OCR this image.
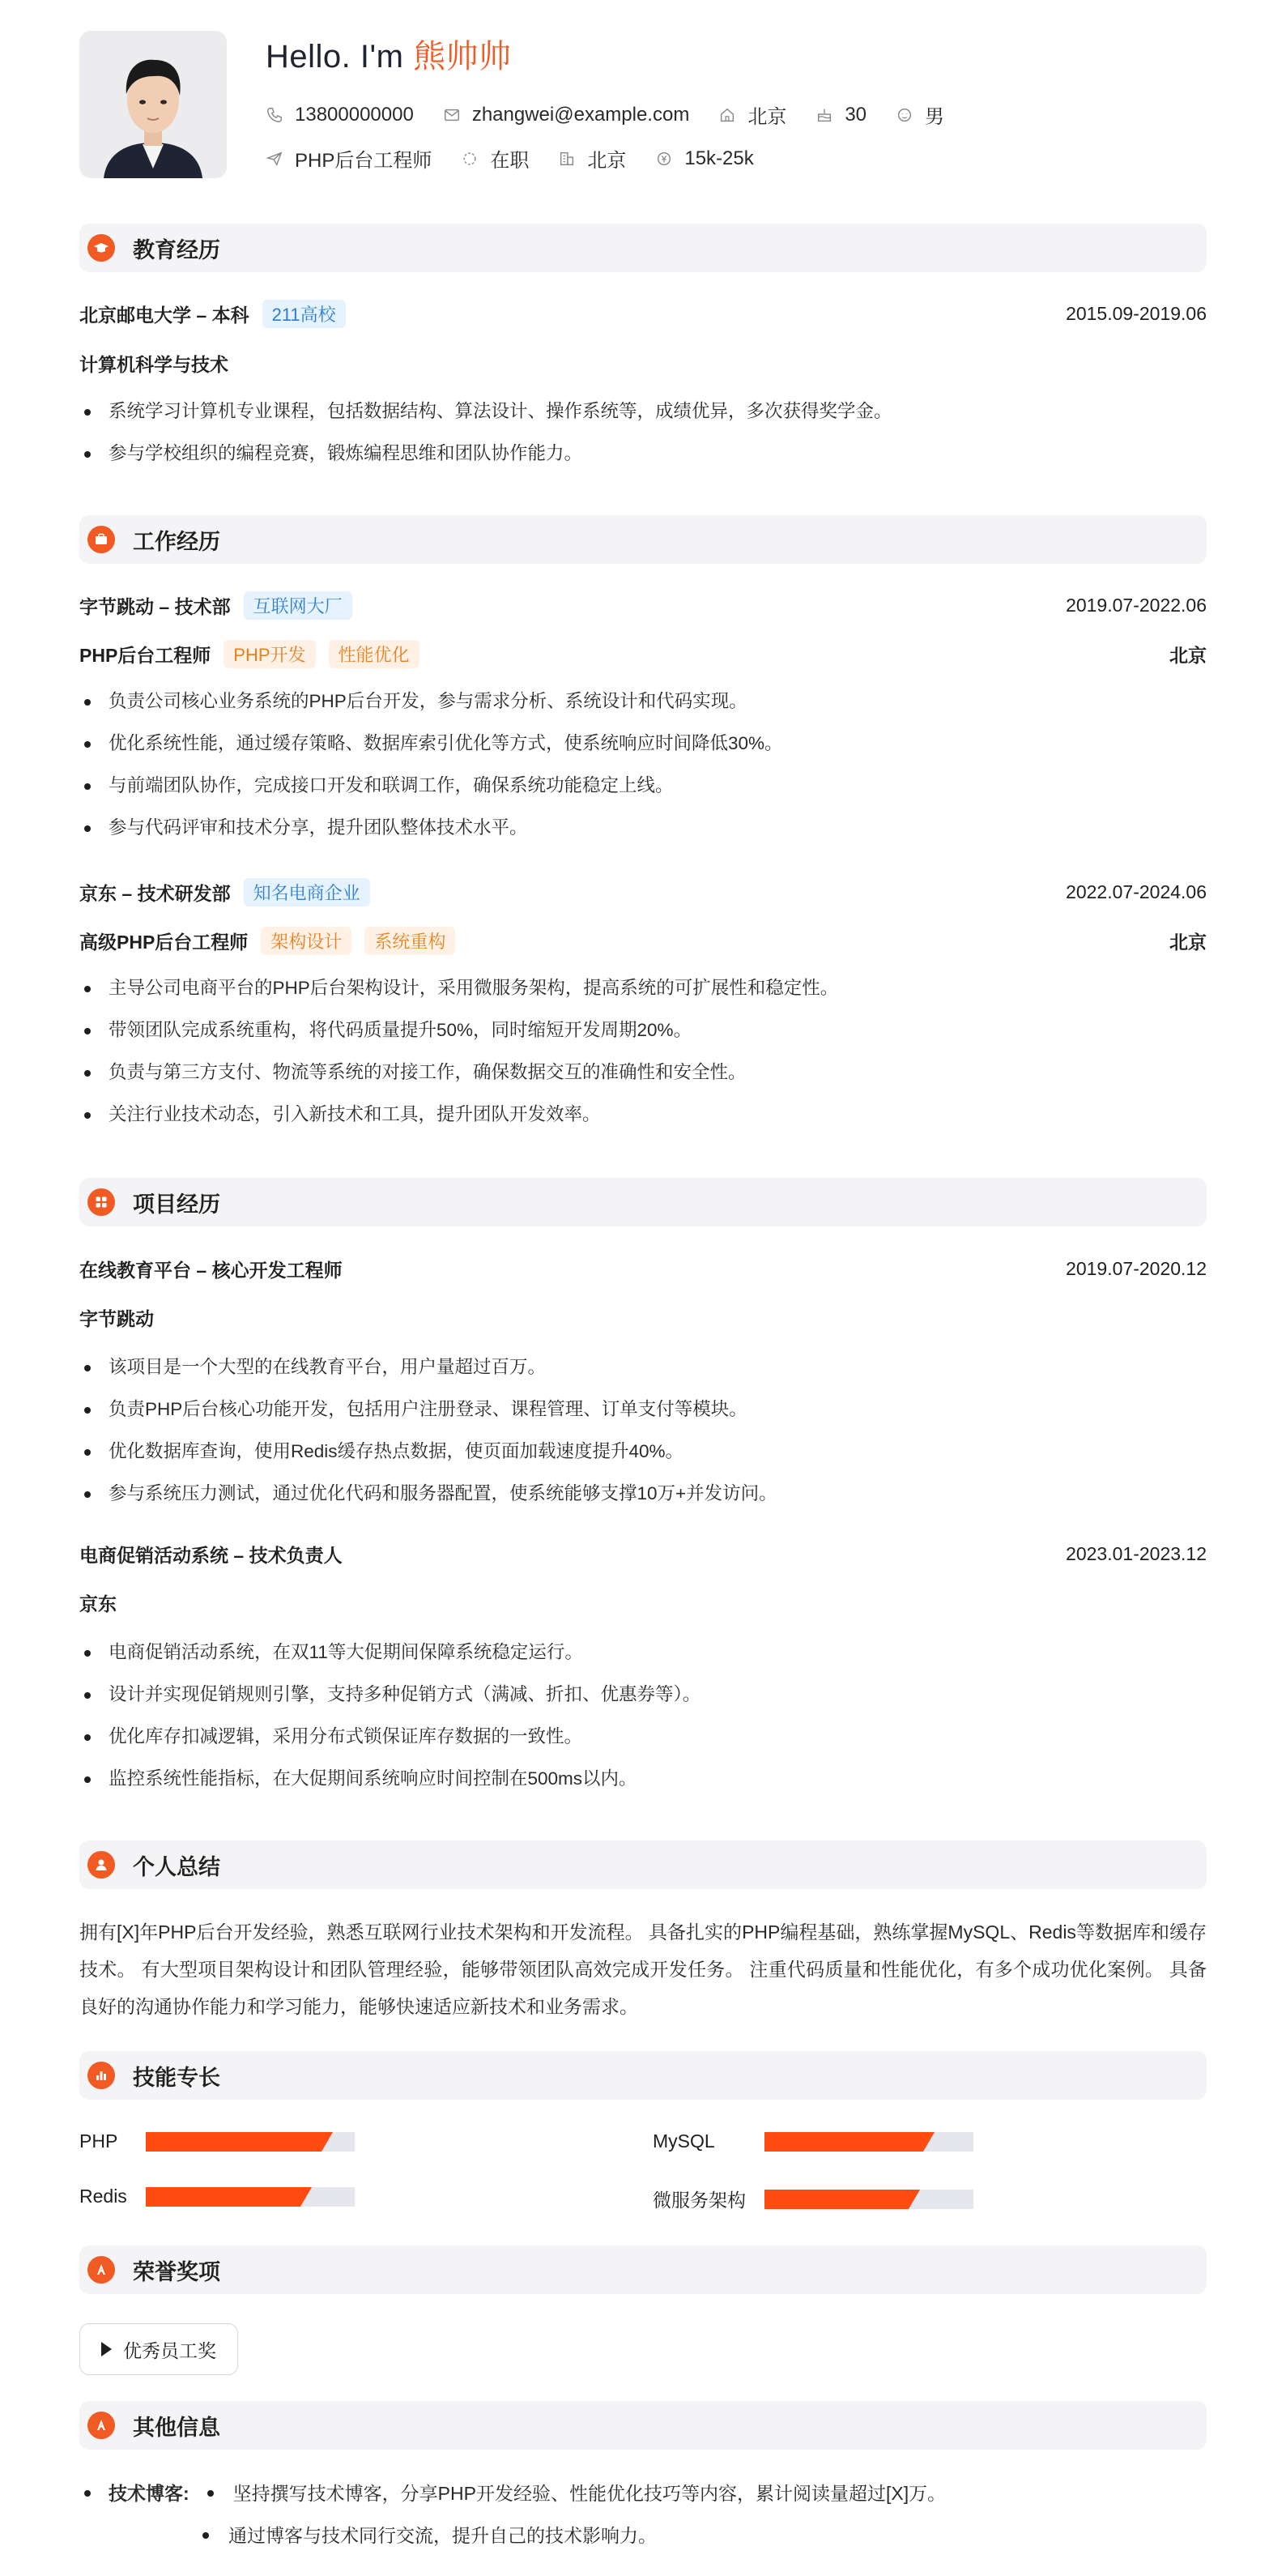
Hello. I'm 熊帅帅
13800000000	zhangwei@example.com	北京	30	男
PHP后台工程师	在职	北京	15k-25k
教育经历
北京邮电大学 – 本科	211高校	2015.09-2019.06
计算机科学与技术
系统学习计算机专业课程，包括数据结构、算法设计、操作系统等，成绩优异，多次获得奖学金。
参与学校组织的编程竞赛，锻炼编程思维和团队协作能力。
工作经历
字节跳动 – 技术部	互联网大厂	2019.07-2022.06
PHP后台工程师	PHP开发	性能优化	北京
负责公司核心业务系统的PHP后台开发，参与需求分析、系统设计和代码实现。
优化系统性能，通过缓存策略、数据库索引优化等方式，使系统响应时间降低30%。
与前端团队协作，完成接口开发和联调工作，确保系统功能稳定上线。
参与代码评审和技术分享，提升团队整体技术水平。
京东 – 技术研发部	知名电商企业	2022.07-2024.06
高级PHP后台工程师	架构设计	系统重构	北京
主导公司电商平台的PHP后台架构设计，采用微服务架构，提高系统的可扩展性和稳定性。
带领团队完成系统重构，将代码质量提升50%，同时缩短开发周期20%。
负责与第三方支付、物流等系统的对接工作，确保数据交互的准确性和安全性。
关注行业技术动态，引入新技术和工具，提升团队开发效率。
项目经历
在线教育平台 – 核心开发工程师	2019.07-2020.12
字节跳动
该项目是一个大型的在线教育平台，用户量超过百万。
负责PHP后台核心功能开发，包括用户注册登录、课程管理、订单支付等模块。
优化数据库查询，使用Redis缓存热点数据，使页面加载速度提升40%。
参与系统压力测试，通过优化代码和服务器配置，使系统能够支撑10万+并发访问。
电商促销活动系统 – 技术负责人	2023.01-2023.12
京东
电商促销活动系统，在双11等大促期间保障系统稳定运行。
设计并实现促销规则引擎，支持多种促销方式（满减、折扣、优惠券等）。
优化库存扣减逻辑，采用分布式锁保证库存数据的一致性。
监控系统性能指标，在大促期间系统响应时间控制在500ms以内。
个人总结

拥有[X]年PHP后台开发经验，熟悉互联网行业技术架构和开发流程。 具备扎实的PHP编程基础，熟练掌握MySQL、Redis等数据库和缓存技术。 有大型项目架构设计和团队管理经验，能够带领团队高效完成开发任务。 注重代码质量和性能优化，有多个成功优化案例。 具备良好的沟通协作能力和学习能力，能够快速适应新技术和业务需求。

技能专长
PHP	MySQL
Redis	微服务架构
荣誉奖项
优秀员工奖
其他信息
技术博客: 坚持撰写技术博客，分享PHP开发经验、性能优化技巧等内容，累计阅读量超过[X]万。
通过博客与技术同行交流，提升自己的技术影响力。
